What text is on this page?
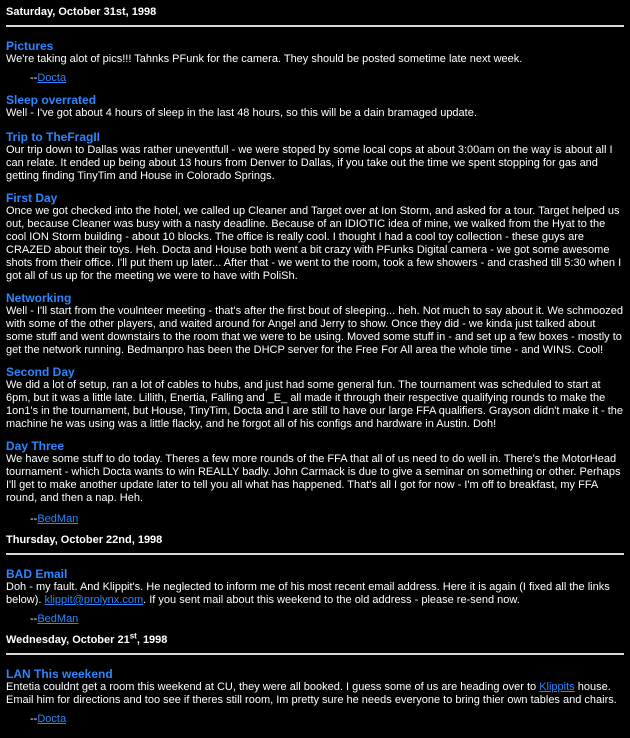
Saturday, October 31st, 1998
Pictures
We're taking alot of pics!!! Tahnks PFunk for the camera. They should be posted sometime late next week.
--Docta
Sleep overrated
Well - I've got about 4 hours of sleep in the last 48 hours, so this will be a dain bramaged update.
Trip to TheFragII
Our trip down to Dallas was rather uneventfull - we were stoped by some local cops at about 3:00am on the way is about all I can relate. It ended up being about 13 hours from Denver to Dallas, if you take out the time we spent stopping for gas and getting finding TinyTim and House in Colorado Springs.
First Day
Once we got checked into the hotel, we called up Cleaner and Target over at Ion Storm, and asked for a tour. Target helped us out, because Cleaner was busy with a nasty deadline. Because of an IDIOTIC idea of mine, we walked from the Hyat to the cool ION Storm building - about 10 blocks. The office is really cool. I thought I had a cool toy collection - these guys are CRAZED about their toys. Heh. Docta and House both went a bit crazy with PFunks Digital camera - we got some awesome shots from their office. I'll put them up later... After that - we went to the room, took a few showers - and crashed till 5:30 when I got all of us up for the meeting we were to have with PoliSh.
Networking
Well - I'll start from the voulnteer meeting - that's after the first bout of sleeping... heh. Not much to say about it. We schmoozed with some of the other players, and waited around for Angel and Jerry to show. Once they did - we kinda just talked about some stuff and went downstairs to the room that we were to be using. Moved some stuff in - and set up a few boxes - mostly to get the network running. Bedmanpro has been the DHCP server for the Free For All area the whole time - and WINS. Cool!
Second Day
We did a lot of setup, ran a lot of cables to hubs, and just had some general fun. The tournament was scheduled to start at 6pm, but it was a little late. Lillith, Enertia, Falling and _E_ all made it through their respective qualifying rounds to make the 1on1's in the tournament, but House, TinyTim, Docta and I are still to have our large FFA qualifiers. Grayson didn't make it - the machine he was using was a little flacky, and he forgot all of his configs and hardware in Austin. Doh!
Day Three
We have some stuff to do today. Theres a few more rounds of the FFA that all of us need to do well in. There's the MotorHead tournament - which Docta wants to win REALLY badly. John Carmack is due to give a seminar on something or other. Perhaps I'll get to make another update later to tell you all what has happened. That's all I got for now - I'm off to breakfast, my FFA round, and then a nap. Heh.
--BedMan
Thursday, October 22nd, 1998
BAD Email
Doh - my fault. And Klippit's. He neglected to inform me of his most recent email address. Here it is again (I fixed all the links below). klippit@prolynx.com. If you sent mail about this weekend to the old address - please re-send now.
--BedMan
Wednesday, October 21st, 1998
LAN This weekend
Entetia couldnt get a room this weekend at CU, they were all booked. I guess some of us are heading over to Klippits house. Email him for directions and too see if theres still room, Im pretty sure he needs everyone to bring thier own tables and chairs.
--Docta
